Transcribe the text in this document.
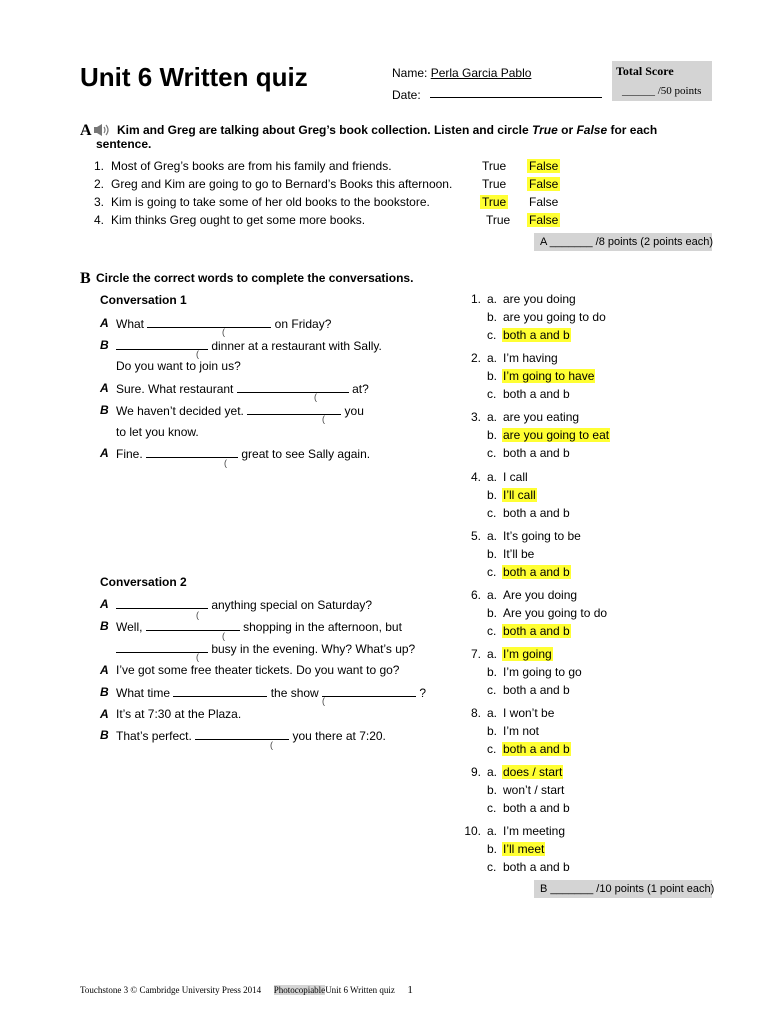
Unit 6 Written quiz	Name: Perla Garcia Pablo
Date:
Total Score
______ /50 points
A Kim and Greg are talking about Greg’s book collection. Listen and circle True or False for each
sentence.
1. Most of Greg’s books are from his family and friends.	True False
2. Greg and Kim are going to go to Bernard’s Books this afternoon. True False
3. Kim is going to take some of her old books to the bookstore.	True False
4. Kim thinks Greg ought to get some more books.	True False
A _______ /8 points (2 points each)
B Circle the correct words to complete the conversations.
Conversation 1
Conversation 2
A What	on Friday?
B	dinner at a restaurant with Sally.
Do you want to join us?
A Sure. What restaurant	at?
B We haven’t decided yet.	you
to let you know.
A Fine.	great to see Sally again.
A	anything special on Saturday?
B Well,	shopping in the afternoon, but
busy in the evening. Why? What’s up?
A I’ve got some free theater tickets. Do you want to go?
B What time	the show	?
A It’s at 7:30 at the Plaza.
B That’s perfect.	you there at 7:20.
(
(
(
(
(
(
(
(
(
(
1. a. are you doing
b. are you going to do
c. both a and b
2. a. I’m having
b. I’m going to have
c. both a and b
3. a. are you eating
b. are you going to eat
c. both a and b
4. a. I call
b. I’ll call
c. both a and b
5. a. It’s going to be
b. It’ll be
c. both a and b
6. a. Are you doing
b. Are you going to do
c. both a and b
7. a. I’m going
b. I’m going to go
c. both a and b
8. a. I won’t be
b. I’m not
c. both a and b
9. a. does / start
b. won’t / start
c. both a and b
10. a. I’m meeting
b. I’ll meet
c. both a and b
B _______ /10 points (1 point each)
Touchstone 3 © Cambridge University Press 2014 PhotocopiableUnit 6 Written quiz 1
